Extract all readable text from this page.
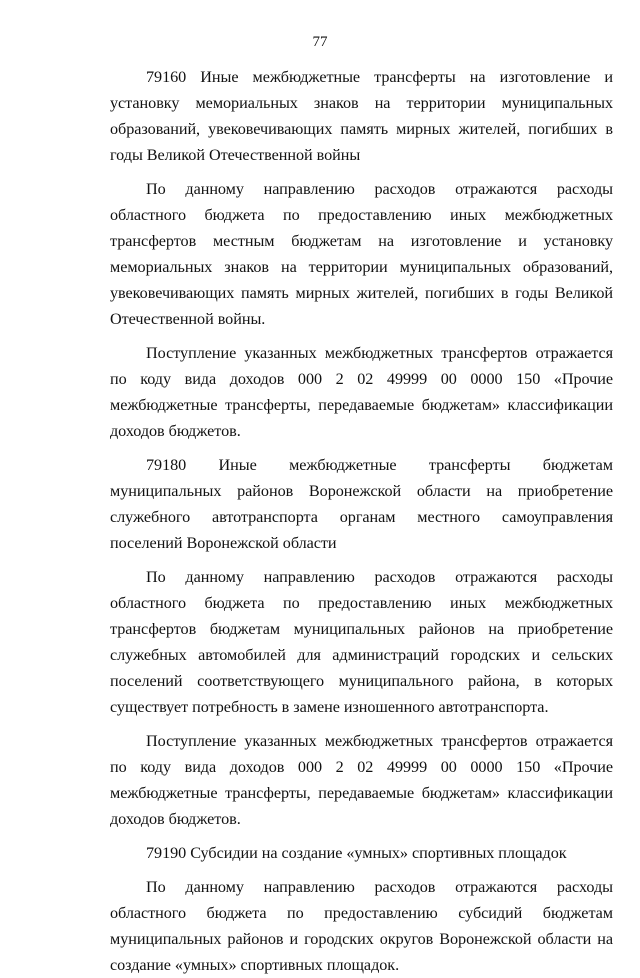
77

79160 Иные межбюджетные трансферты на изготовление и установку мемориальных знаков на территории муниципальных образований, увековечивающих память мирных жителей, погибших в годы Великой Отечественной войны

По данному направлению расходов отражаются расходы областного бюджета по предоставлению иных межбюджетных трансфертов местным бюджетам на изготовление и установку мемориальных знаков на территории муниципальных образований, увековечивающих память мирных жителей, погибших в годы Великой Отечественной войны.

Поступление указанных межбюджетных трансфертов отражается по коду вида доходов 000 2 02 49999 00 0000 150 «Прочие межбюджетные трансферты, передаваемые бюджетам» классификации доходов бюджетов.

79180 Иные межбюджетные трансферты бюджетам муниципальных районов Воронежской области на приобретение служебного автотранспорта органам местного самоуправления поселений Воронежской области

По данному направлению расходов отражаются расходы областного бюджета по предоставлению иных межбюджетных трансфертов бюджетам муниципальных районов на приобретение служебных автомобилей для администраций городских и сельских поселений соответствующего муниципального района, в которых существует потребность в замене изношенного автотранспорта.

Поступление указанных межбюджетных трансфертов отражается по коду вида доходов 000 2 02 49999 00 0000 150 «Прочие межбюджетные трансферты, передаваемые бюджетам» классификации доходов бюджетов.

79190 Субсидии на создание «умных» спортивных площадок

По данному направлению расходов отражаются расходы областного бюджета по предоставлению субсидий бюджетам муниципальных районов и городских округов Воронежской области на создание «умных» спортивных площадок.
